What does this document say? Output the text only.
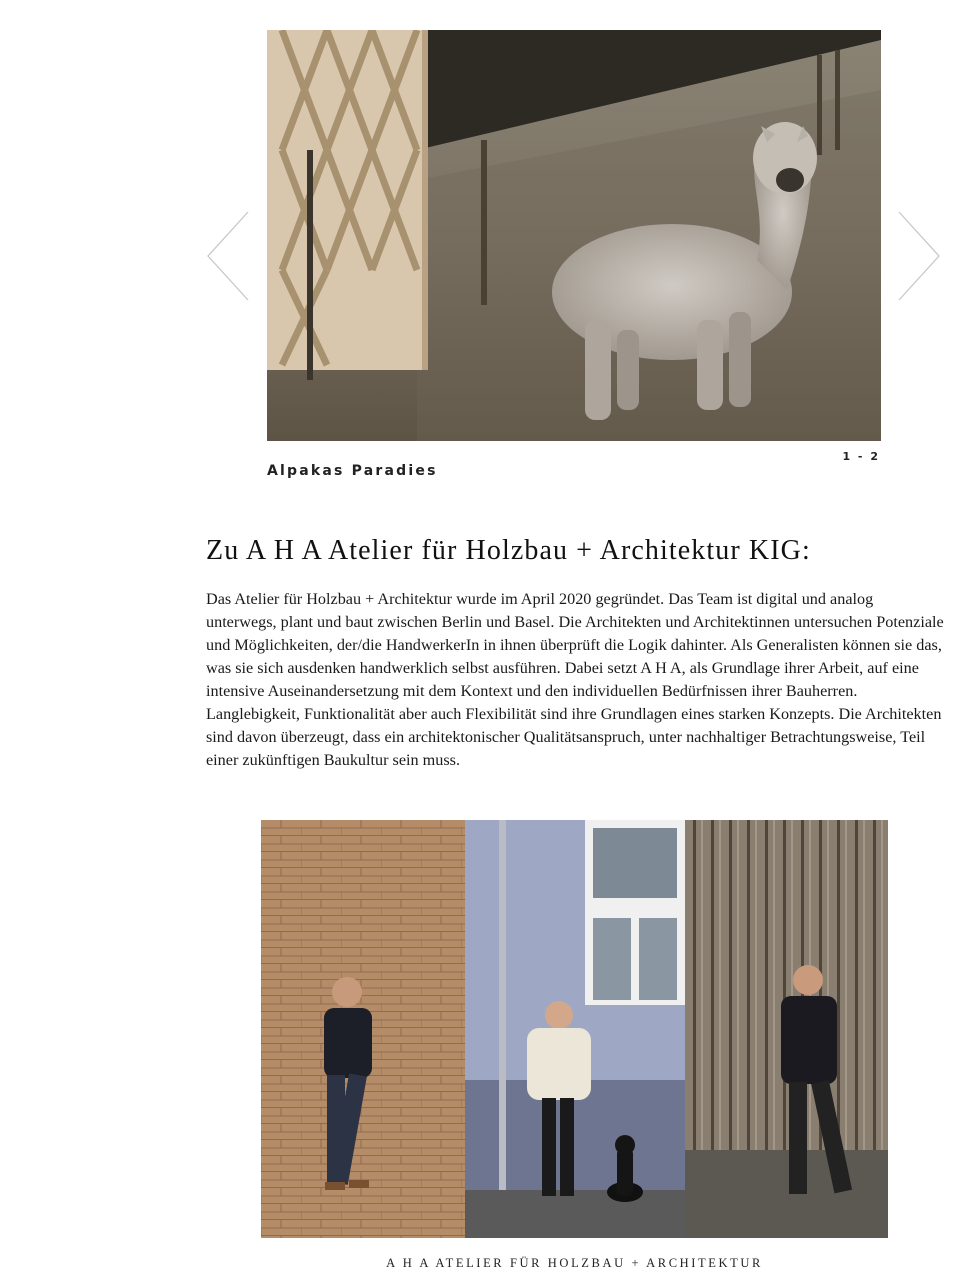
Alpakas Paradies
1 - 2
Zu A H A Atelier für Holzbau + Architektur KIG:

Das Atelier für Holzbau + Architektur wurde im April 2020 gegründet. Das Team ist digital und analog unterwegs, plant und baut zwischen Berlin und Basel. Die Architekten und Architektinnen untersuchen Potenziale und Möglichkeiten, der/die HandwerkerIn in ihnen überprüft die Logik dahinter. Als Generalisten können sie das, was sie sich ausdenken handwerklich selbst ausführen. Dabei setzt A H A, als Grundlage ihrer Arbeit, auf eine intensive Auseinandersetzung mit dem Kontext und den individuellen Bedürfnissen ihrer Bauherren. Langlebigkeit, Funktionalität aber auch Flexibilität sind ihre Grundlagen eines starken Konzepts. Die Architekten sind davon überzeugt, dass ein architektonischer Qualitätsanspruch, unter nachhaltiger Betrachtungsweise, Teil einer zukünftigen Baukultur sein muss.

A H A ATELIER FÜR HOLZBAU + ARCHITEKTUR
